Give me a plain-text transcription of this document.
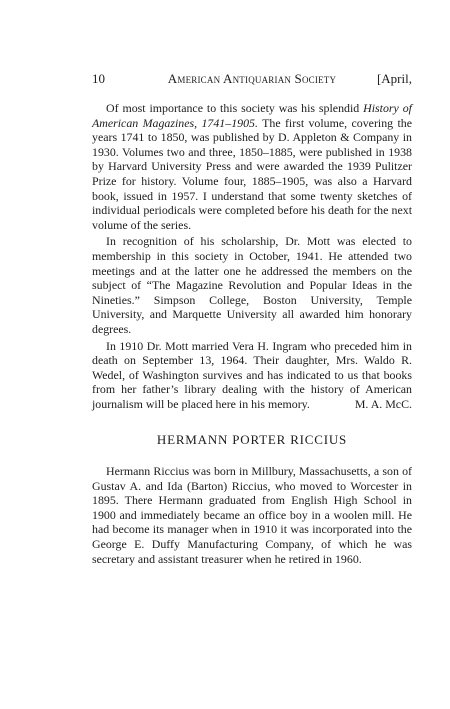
10	American Antiquarian Society	[April,

Of most importance to this society was his splendid History of American Magazines, 1741–1905. The first volume, covering the years 1741 to 1850, was published by D. Appleton & Company in 1930. Volumes two and three, 1850–1885, were published in 1938 by Harvard University Press and were awarded the 1939 Pulitzer Prize for history. Volume four, 1885–1905, was also a Harvard book, issued in 1957. I understand that some twenty sketches of individual periodicals were completed before his death for the next volume of the series.

In recognition of his scholarship, Dr. Mott was elected to membership in this society in October, 1941. He attended two meetings and at the latter one he addressed the members on the subject of “The Magazine Revolution and Popular Ideas in the Nineties.” Simpson College, Boston University, Temple University, and Marquette University all awarded him honorary degrees.

In 1910 Dr. Mott married Vera H. Ingram who preceded him in death on September 13, 1964. Their daughter, Mrs. Waldo R. Wedel, of Washington survives and has indicated to us that books from her father’s library dealing with the history of American journalism will be placed here in his memory.	M. A. McC.

HERMANN PORTER RICCIUS

Hermann Riccius was born in Millbury, Massachusetts, a son of Gustav A. and Ida (Barton) Riccius, who moved to Worcester in 1895. There Hermann graduated from English High School in 1900 and immediately became an office boy in a woolen mill. He had become its manager when in 1910 it was incorporated into the George E. Duffy Manufacturing Company, of which he was secretary and assistant treasurer when he retired in 1960.
